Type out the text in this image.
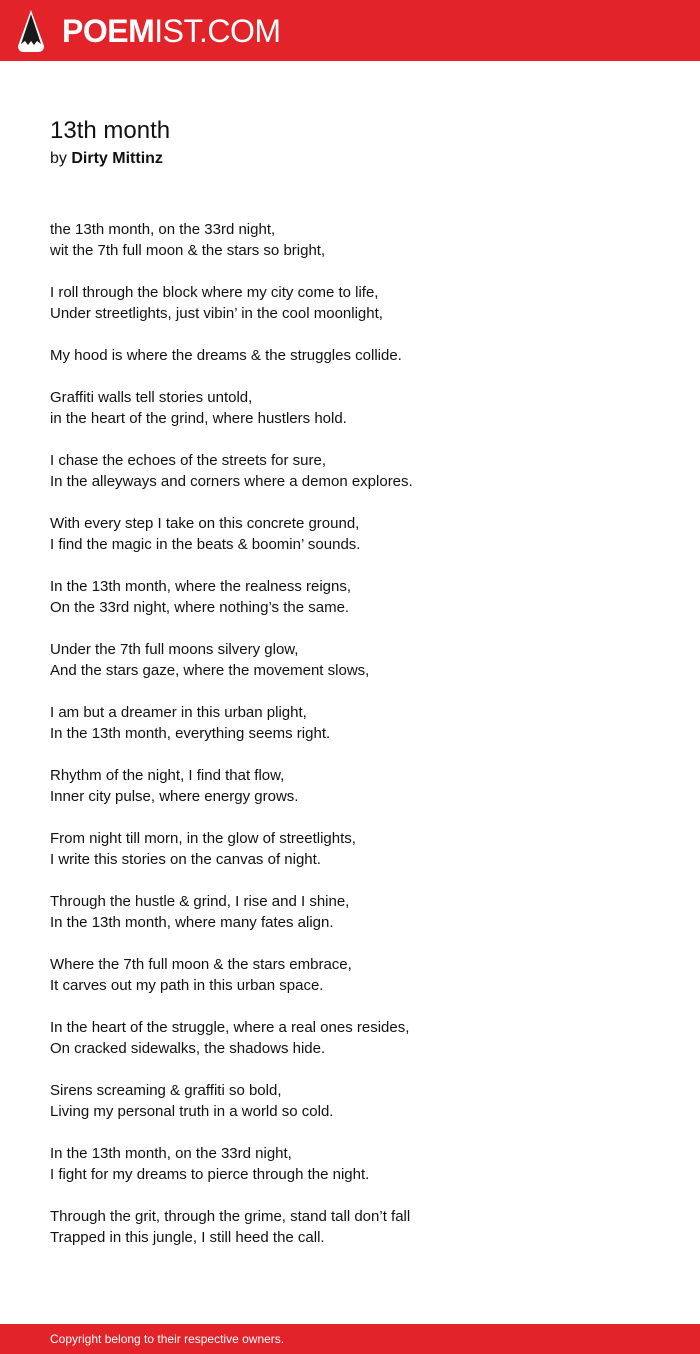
POEMIST.COM
13th month
by Dirty Mittinz
the 13th month, on the 33rd night,
wit the 7th full moon & the stars so bright,
I roll through the block where my city come to life,
Under streetlights, just vibin’ in the cool moonlight,
My hood is where the dreams & the struggles collide.
Graffiti walls tell stories untold,
in the heart of the grind, where hustlers hold.
I chase the echoes of the streets for sure,
In the alleyways and corners where a demon explores.
With every step I take on this concrete ground,
I find the magic in the beats & boomin’ sounds.
In the 13th month, where the realness reigns,
On the 33rd night, where nothing’s the same.
Under the 7th full moons silvery glow,
And the stars gaze, where the movement slows,
I am but a dreamer in this urban plight,
In the 13th month, everything seems right.
Rhythm of the night, I find that flow,
Inner city pulse, where energy grows.
From night till morn, in the glow of streetlights,
I write this stories on the canvas of night.
Through the hustle & grind, I rise and I shine,
In the 13th month, where many fates align.
Where the 7th full moon & the stars embrace,
It carves out my path in this urban space.
In the heart of the struggle, where a real ones resides,
On cracked sidewalks, the shadows hide.
Sirens screaming & graffiti so bold,
Living my personal truth in a world so cold.
In the 13th month, on the 33rd night,
I fight for my dreams to pierce through the night.
Through the grit, through the grime, stand tall don’t fall
Trapped in this jungle, I still heed the call.
Copyright belong to their respective owners.
